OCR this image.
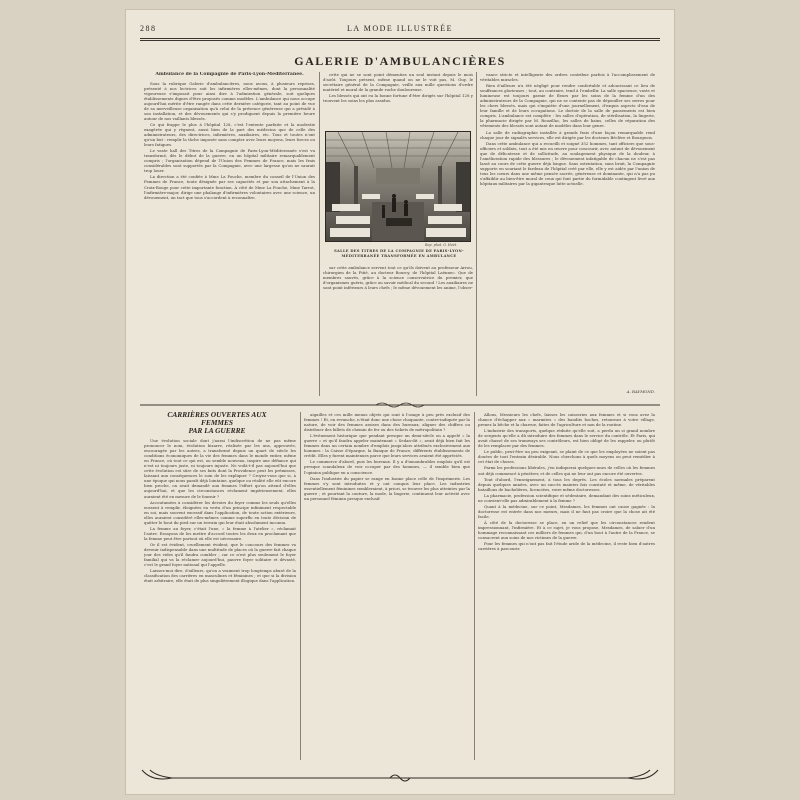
288	LA MODE ILLUSTRÉE
GALERIE D'AMBULANCIÈRES

Ambulance de la Compagnie de Paris-Lyon-Méditerranée.

Sous la rubrique Galerie d'ambulancières, nous avons, à plusieurs reprises, présenté à nos lectrices soit les infirmières elles-mêmes, dont la personnalité vigoureuse s'imposait pour ainsi dire à l'admiration générale, soit quelques établissements dignes d'être proposés comme modèles. L'ambulance qui nous occupe aujourd'hui mérite d'être rangée dans cette dernière catégorie, tant au point de vue de sa merveilleuse organisation qu'à celui de la présence généreuse qui a présidé à son installation, et des dévouements qui s'y prodiguent depuis la première heure autour de nos vaillants blessés.

Ce qui frappe le plus à l'hôpital 128, c'est l'entente parfaite et la modestie exagérée qui y règnent, aussi bien de la part des médecins que de celle des administrateurs, des directrices, infirmières, auxiliaires, etc. Tous et toutes n'ont qu'un but : remplir la tâche imposée sans compter avec leurs moyens, leurs forces ou leurs fatigues.

Le vaste hall des Titres de la Compagnie de Paris-Lyon-Méditerranée s'est vu transformé, dès le début de la guerre, en un hôpital militaire remarquablement compris ; l'organisation dépend de l'Union des Femmes de France, mais les frais considérables sont supportés par la Compagnie, avec une largesse qu'on ne saurait trop louer.

La direction a été confiée à Mme La Fouche, membre du conseil de l'Union des Femmes de France, toute désignée par ses capacités et par son attachement à la Croix-Rouge pour cette importante fonction. À côté de Mme La Fouche, Mme Tarrot, l'infirmière-major, dirige une phalange d'infirmières volontaires avec une science, un dévouement, un tact que tous s'accordent à reconnaître.

cette qui ne se sont point démenties un seul instant depuis le mois d'août. Toujours présent, même quand on ne le voit pas, M. Guy, le secrétaire général de la Compagnie, veille aux mille questions d'ordre matériel et moral de la grande ruche douloureuse.

Les blessés qui ont eu la bonne fortune d'être dirigés sur l'hôpital 128 y trouvent les soins les plus assidus.

Rep. phot. G. Hoët.
SALLE DES TITRES DE LA COMPAGNIE DE PARIS-LYON-MÉDITERRANÉE TRANSFORMÉE EN AMBULANCE

sur cette ambulance servent tout ce qu'ils doivent au professeur Arrou, chirurgien de la Pitié, au docteur Bourcy, de l'hôpital Laënnec. Que de membres sauvés, grâce à la science conservatrice du premier, que d'organismes guéris, grâce au savoir médical du second ! Les auxiliaires ne sont point inférieurs à leurs chefs ; le même dévouement les anime, l'obser-

vance stricte et intelligente des ordres contribue parfois à l'accomplissement de véritables miracles.

Rien d'ailleurs n'a été négligé pour rendre confortable et adoucissant ce lieu de souffrances glorieuses ; tout, au contraire, tend à l'embellir. La salle spacieuse, vaste et lumineuse est toujours garnie de fleurs par les soins de la femme d'un des administrateurs de la Compagnie, qui ne se contente pas de dépouiller ses serres pour les chers blessés, mais qui s'inquiète d'une journellement, d'exquis aspects d'eau de leur famille et de leurs occupations. Le dortoir de la salle de pansements est bien compris. L'ambulance est complète : les salles d'opération, de stérilisation, la lingerie, la pharmacie dirigée par M. Bouzillac, les salles de bains, celles de réparation des vêtements des blessés sont autant de modèles dans leur genre.

La salle de radiographie installée à grands frais d'une façon remarquable rend chaque jour de signalés services, elle est dirigée par les docteurs Béclère et Bourgeois.

Dans cette ambulance qui a recueilli et soigné 352 hommes, tant officiers que sous-officiers et soldats, tout a été mis en œuvre pour concourir, avec autant de dévouement que de délicatesse et de sollicitude, au soulagement physique de la douleur, à l'amélioration rapide des blessures ; le dévouement infatigable de chacun ne s'est pas lassé au cours de cette guerre déjà longue. Sans ostentation, sans bruit, la Compagnie supporte en souriant le fardeau de l'hôpital créé par elle, elle y est aidée par l'union de tous les cœurs dans une même pensée sacrée, généreuse et dominante, qui n'a pas pu s'affaiblir au bien-être moral de ceux qui font partie du formidable contingent livré aux hôpitaux militaires par la gigantesque lutte actuelle.

A. RAYMOND.

CARRIÈRES OUVERTES AUX FEMMES
PAR LA GUERRE

Une évolution sociale dont j'aurai l'indiscrétion de ne pas même prononcer le nom, évolution bizarre, réalisée par les uns, approuvée, encouragée par les autres, a transformé depuis un quart de siècle les conditions économiques de la vie des femmes dans le monde entier, même en France, où tout ce qui est, ou semble nouveau, inspire une défiance qui n'est ni toujours juste, ni toujours injuste. Ne voilà-t-il pas aujourd'hui que cette évolution est sûre de ses faits dont la Providence peut les prémisses, laissant aux conséquences le soin de les expliquer ? Croyez-vous que si, à une époque qui nous paraît déjà lointaine, quelque ou réalité elle eût encore bien proche, on avait demandé aux femmes l'effort qu'on attend d'elles aujourd'hui, et que les circonstances réclament impérieusement, elles auraient été en mesure de le fournir ?

Accoutumées à considérer les devoirs du foyer comme les seuls qu'elles eussent à remplir, éloignées en vertu d'un principe infiniment respectable en soi, mais souvent excessif dans l'application, de toute action extérieure, elles auraient considéré elles-mêmes comme superflu en toute décision de quitter le bout du pied sur un terrain qui leur était absolument inconnu.

La femme au foyer, c'était l'une, « la femme à l'atelier », réclamait l'autre. Essayons de les mettre d'accord toutes les deux en proclamant que la femme peut être partout où elle est nécessaire.

Or il est évident, cruellement évident, que le concours des femmes va devenir indispensable dans une multitude de places où la guerre fait chaque jour des vides qu'il faudra combler ; car ce n'est plus seulement le foyer familial qui va la réclamer aujourd'hui, pauvre foyer solitaire et dévasté, c'est le grand foyer national qui l'appelle.

Laissez-moi dire, d'ailleurs, qu'on a vraiment trop longtemps abusé de la classification des carrières en masculines et féminines ; et que si la division était arbitraire, elle était de plus singulièrement illogique dans l'application.

aiguilles et ces mille menus objets qui sont à l'usage à peu près exclusif des femmes ! Et, en revanche, n'était donc une chose choquante, contre-indiquée par la nature, de voir des femmes assises dans des bureaux, aligner des chiffres ou distribuer des billets de chemin de fer ou des tickets de métropolitain ?

L'événement historique que pendant presque un demi-siècle on a appelé « la guerre » et qu'il faudra appeler maintenant « Sedan-dit », avait déjà bien fait les femmes dans un certain nombre d'emplois jusqu'alors attribués exclusivement aux hommes : la Caisse d'épargne, la Banque de France, différents établissements de crédit. Elles y furent maintenues parce que leurs services avaient été appréciés.

Le commerce d'abord, puis les bureaux. Il y a d'innombrables emplois qu'il est presque scandaleux de voir occuper par des hommes, — il semble bien que l'opinion publique en a conscience.

Dans l'industrie du papier se range en bonne place celle de l'imprimerie. Les femmes s'y sont introduites et y ont conquis leur place. Les industries essentiellement féminines sembleraient, à priori, se trouver les plus atteintes par la guerre ; et pourtant la couture, la mode, la lingerie, continuent leur activité avec un personnel féminin presque exclusif.

Allons, Messieurs les chefs, laissez les caisseries aux femmes et si vous avez la chance d'échapper aux « marmites » des bandits boches, retournez à votre village, prenez la bêche et la charrue, faites de l'agriculture et non de la routine.

L'industrie des transports, quelque réduite qu'elle soit, a perdu un si grand nombre de sergents qu'elle a dû introduire des femmes dans le service du contrôle. Et Paris, qui avait chassé de ses tramways ses contrôleurs, est bien obligé de les rappeler, ou plutôt de les remplacer par des femmes.

Le public, peut-être un peu exigeant, se plaint de ce que les employées ne soient pas douées de tout l'entrain désirable. Nous cherchons à quels moyens on peut remédier à cet état de choses.

Parmi les professions libérales, j'en indiquerai quelques-unes de celles où les femmes ont déjà commencé à pénétrer, et de celles qui ne leur ont pas encore été ouvertes.

Tout d'abord, l'enseignement, à tous les degrés. Les écoles normales préparent depuis quelques années, avec un succès maintes fois constaté et même, de véritables bataillons de bachelières, licenciées, voire même doctoresses.

La pharmacie, profession scientifique et sédentaire, demandant des soins méticuleux, ne convient-elle pas admirablement à la femme ?

Quant à la médecine, sur ce point, Mesdames, les femmes ont cause gagnée : la doctoresse est entrée dans nos mœurs, mais il ne faut pas croire que la chose ait été facile.

À côté de la doctoresse se place, en un relief que les circonstances rendent impressionnant, l'infirmière. Et à ce sujet, je vous propose, Mesdames, de saluer d'un hommage reconnaissant ces milliers de femmes qui, d'un bout à l'autre de la France, se consacrent aux soins de nos victimes de la guerre.

Pour les femmes qui n'ont pas fait l'étude aride de la médecine, il reste bien d'autres carrières à parcourir.
